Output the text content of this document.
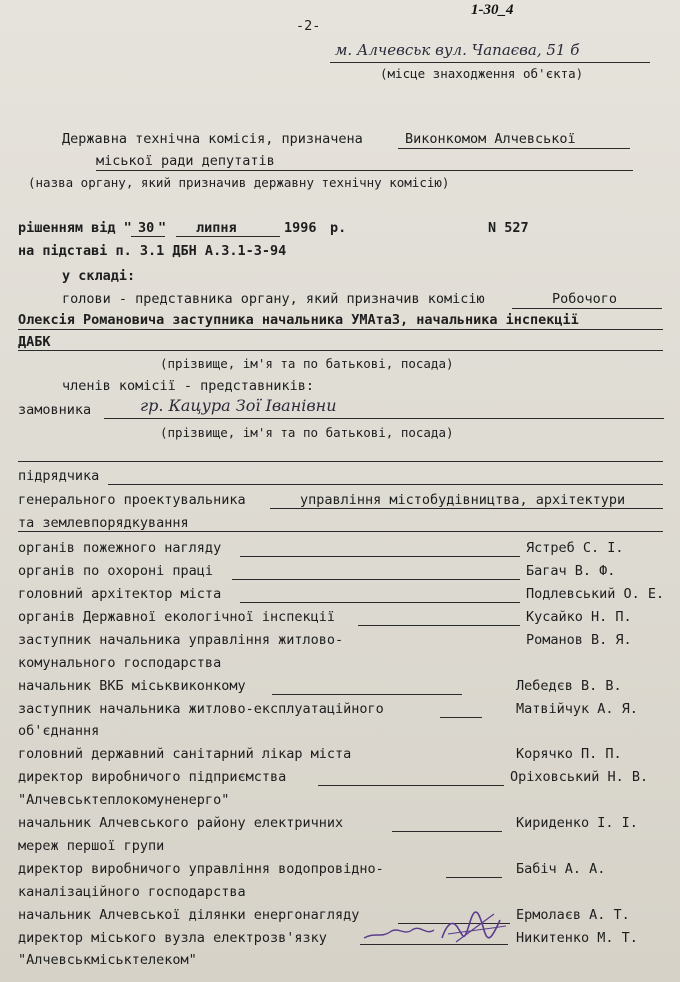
1-30_4
-2-
м. Алчевськ вул. Чапаєва, 51 б
(місце знаходження об'єкта)
Державна технічна комісія, призначена	Виконкомом Алчевської
міської ради депутатів
(назва органу, який призначив державну технічну комісію)
рішенням від " 30 " липня	1996 р.	N 527
на підставі п. 3.1 ДБН А.3.1-3-94
у складі:
голови - представника органу, який призначив комісію	Робочого
Олексія Романовича заступника начальника УМАтаЗ, начальника інспекції
ДАБК
(прізвище, ім'я та по батькові, посада)
членів комісії - представників:
замовника	гр. Кацура Зої Іванівни
(прізвище, ім'я та по батькові, посада)
підрядчика
генерального проектувальника	управління містобудівництва, архітектури
та землевпорядкування
органів пожежного нагляду	Ястреб С. І.
органів по охороні праці	Багач В. Ф.
головний архітектор міста	Подлевський О. Е.
органів Державної екологічної інспекції	Кусайко Н. П.
заступник начальника управління житлово-	Романов В. Я.
комунального господарства
начальник ВКБ міськвиконкому	Лебедєв В. В.
заступник начальника житлово-експлуатаційного	Матвійчук А. Я.
об'єднання
головний державний санітарний лікар міста	Корячко П. П.
директор виробничого підприємства	Оріховський Н. В.
"Алчевськтеплокомуненерго"
начальник Алчевського району електричних	Кириденко І. І.
мереж першої групи
директор виробничого управління водопровідно-	Бабіч А. А.
каналізаційного господарства
начальник Алчевської ділянки енергонагляду	Ермолаєв А. Т.
директор міського вузла електрозв'язку	Никитенко М. Т.
"Алчевськміськтелеком"
